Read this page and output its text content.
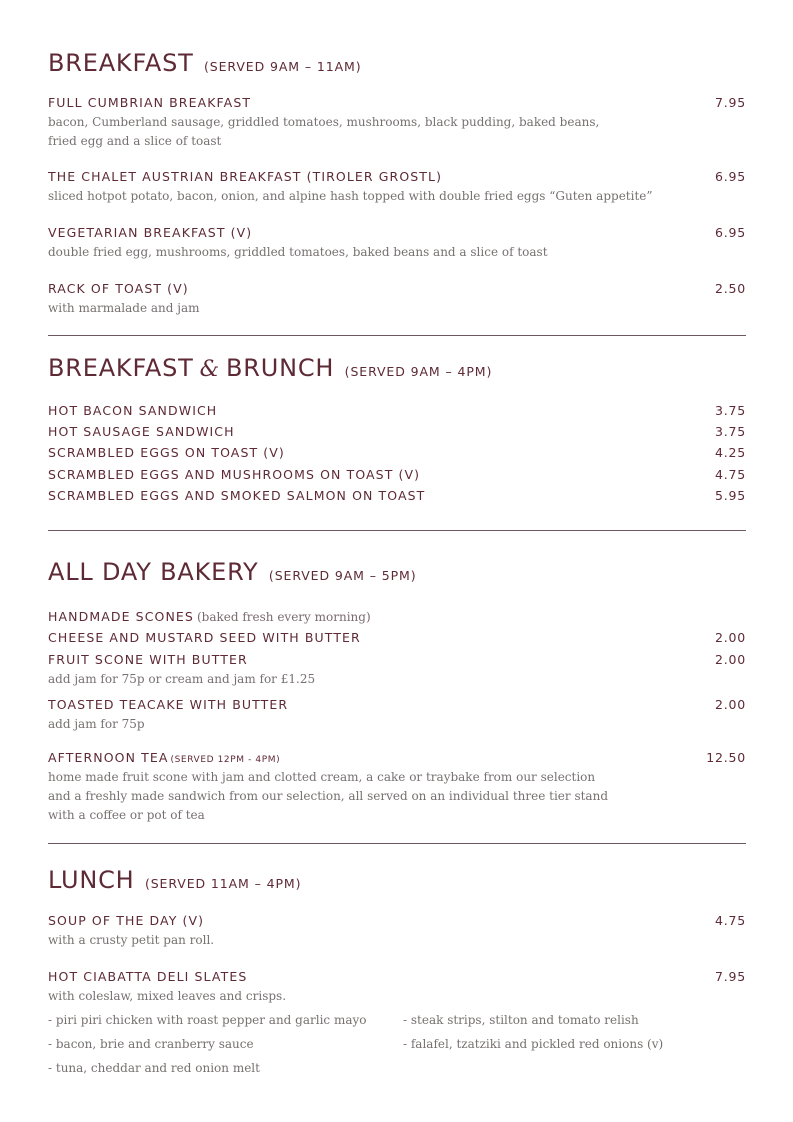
BREAKFAST (SERVED 9AM – 11AM)
FULL CUMBRIAN BREAKFAST	7.95
bacon, Cumberland sausage, griddled tomatoes, mushrooms, black pudding, baked beans,
fried egg and a slice of toast
THE CHALET AUSTRIAN BREAKFAST (TIROLER GROSTL)	6.95
sliced hotpot potato, bacon, onion, and alpine hash topped with double fried eggs “Guten appetite”
VEGETARIAN BREAKFAST (V)	6.95
double fried egg, mushrooms, griddled tomatoes, baked beans and a slice of toast
RACK OF TOAST (V)	2.50
with marmalade and jam
BREAKFAST & BRUNCH (SERVED 9AM – 4PM)
HOT BACON SANDWICH	3.75
HOT SAUSAGE SANDWICH	3.75
SCRAMBLED EGGS ON TOAST (V)	4.25
SCRAMBLED EGGS AND MUSHROOMS ON TOAST (V)	4.75
SCRAMBLED EGGS AND SMOKED SALMON ON TOAST	5.95
ALL DAY BAKERY (SERVED 9AM – 5PM)
HANDMADE SCONES (baked fresh every morning)
CHEESE AND MUSTARD SEED WITH BUTTER	2.00
FRUIT SCONE WITH BUTTER	2.00
add jam for 75p or cream and jam for £1.25
TOASTED TEACAKE WITH BUTTER	2.00
add jam for 75p
AFTERNOON TEA (SERVED 12PM - 4PM)	12.50
home made fruit scone with jam and clotted cream, a cake or traybake from our selection
and a freshly made sandwich from our selection, all served on an individual three tier stand
with a coffee or pot of tea
LUNCH (SERVED 11AM – 4PM)
SOUP OF THE DAY (V)	4.75
with a crusty petit pan roll.
HOT CIABATTA DELI SLATES	7.95
with coleslaw, mixed leaves and crisps.
- piri piri chicken with roast pepper and garlic mayo	- steak strips, stilton and tomato relish
- bacon, brie and cranberry sauce	- falafel, tzatziki and pickled red onions (v)
- tuna, cheddar and red onion melt
